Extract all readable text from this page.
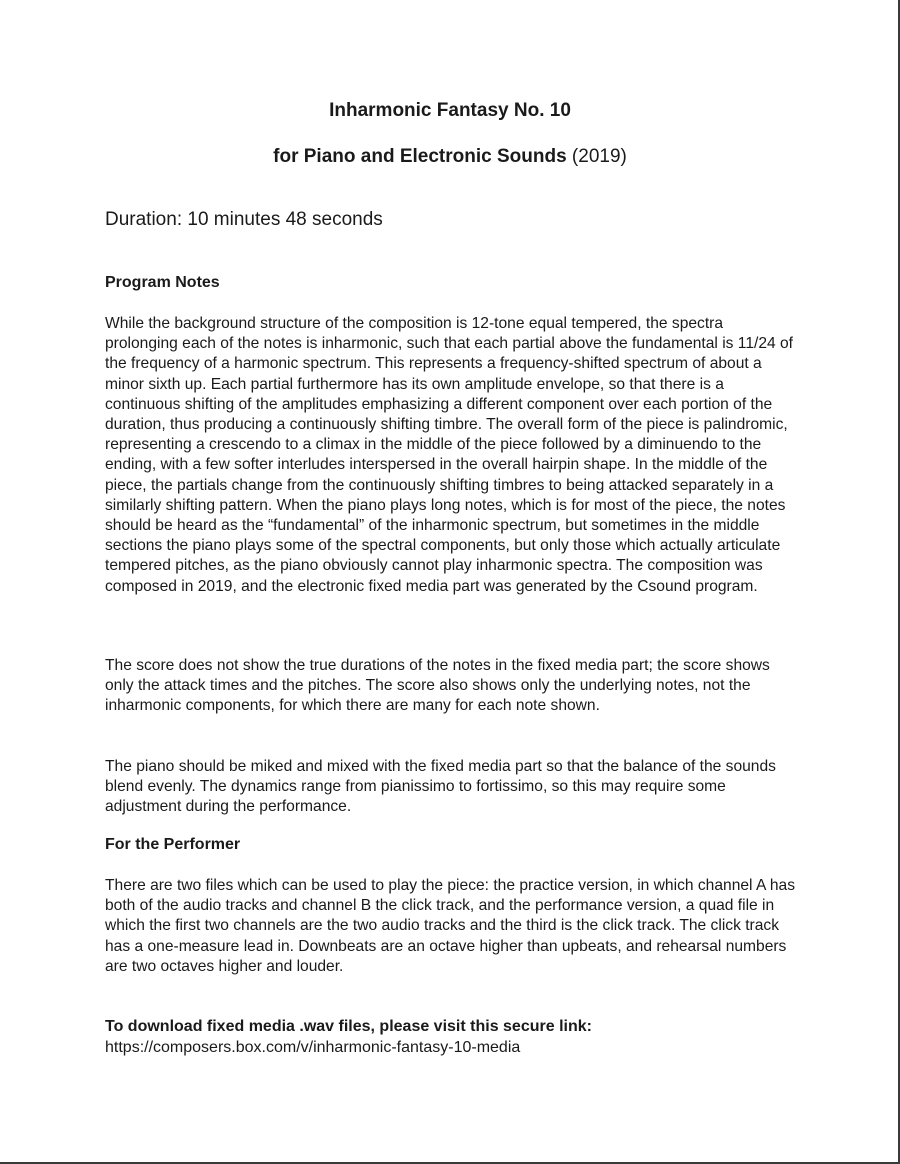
Inharmonic Fantasy No. 10
for Piano and Electronic Sounds (2019)
Duration: 10 minutes 48 seconds
Program Notes

While the background structure of the composition is 12-tone equal tempered, the spectra prolonging each of the notes is inharmonic, such that each partial above the fundamental is 11/24 of the frequency of a harmonic spectrum. This represents a frequency-shifted spectrum of about a minor sixth up. Each partial furthermore has its own amplitude envelope, so that there is a continuous shifting of the amplitudes emphasizing a different component over each portion of the duration, thus producing a continuously shifting timbre. The overall form of the piece is palindromic, representing a crescendo to a climax in the middle of the piece followed by a diminuendo to the ending, with a few softer interludes interspersed in the overall hairpin shape. In the middle of the piece, the partials change from the continuously shifting timbres to being attacked separately in a similarly shifting pattern. When the piano plays long notes, which is for most of the piece, the notes should be heard as the “fundamental” of the inharmonic spectrum, but sometimes in the middle sections the piano plays some of the spectral components, but only those which actually articulate tempered pitches, as the piano obviously cannot play inharmonic spectra. The composition was composed in 2019, and the electronic fixed media part was generated by the Csound program.

The score does not show the true durations of the notes in the fixed media part; the score shows only the attack times and the pitches. The score also shows only the underlying notes, not the inharmonic components, for which there are many for each note shown.

The piano should be miked and mixed with the fixed media part so that the balance of the sounds blend evenly. The dynamics range from pianissimo to fortissimo, so this may require some adjustment during the performance.

For the Performer

There are two files which can be used to play the piece: the practice version, in which channel A has both of the audio tracks and channel B the click track, and the performance version, a quad file in which the first two channels are the two audio tracks and the third is the click track. The click track has a one-measure lead in. Downbeats are an octave higher than upbeats, and rehearsal numbers are two octaves higher and louder.

To download fixed media .wav files, please visit this secure link:
https://composers.box.com/v/inharmonic-fantasy-10-media
